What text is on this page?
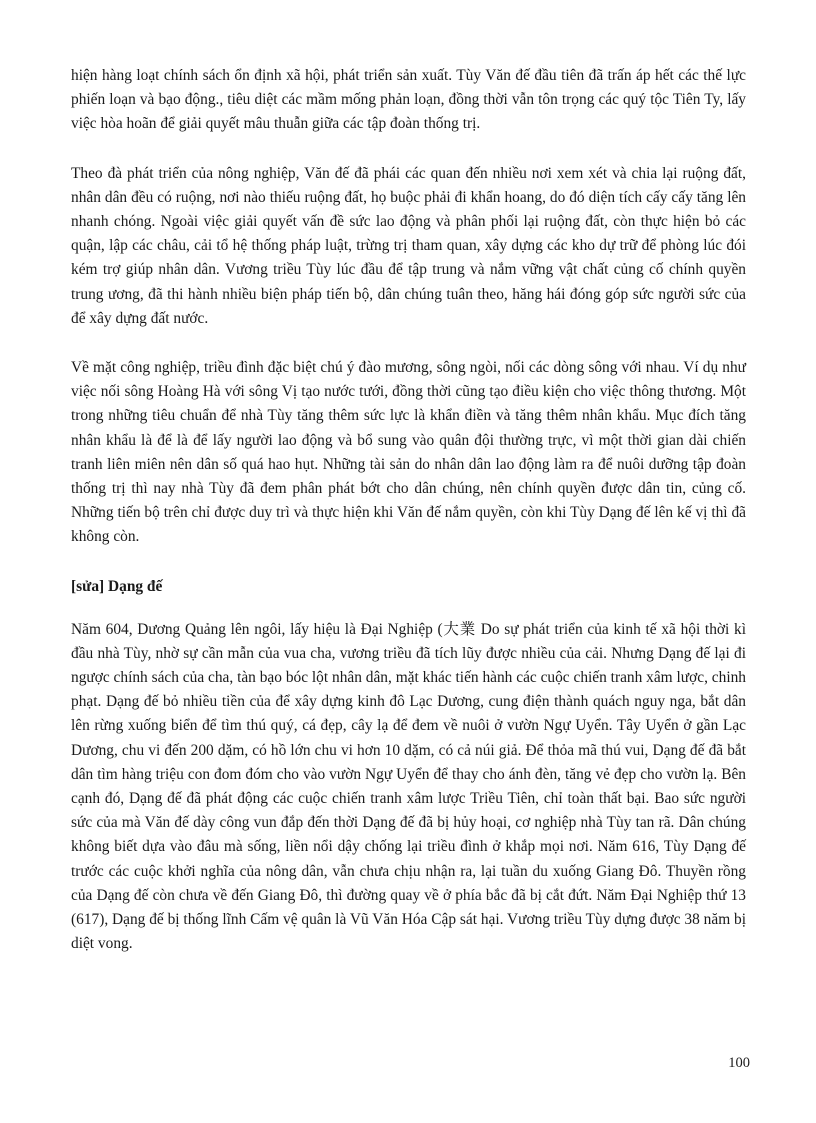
hiện hàng loạt chính sách ổn định xã hội, phát triển sản xuất. Tùy Văn đế đầu tiên đã trấn áp hết các thế lực phiến loạn và bạo động., tiêu diệt các mầm mống phản loạn, đồng thời vẫn tôn trọng các quý tộc Tiên Ty, lấy việc hòa hoãn để giải quyết mâu thuẫn giữa các tập đoàn thống trị.

Theo đà phát triển của nông nghiệp, Văn đế đã phái các quan đến nhiều nơi xem xét và chia lại ruộng đất, nhân dân đều có ruộng, nơi nào thiếu ruộng đất, họ buộc phải đi khẩn hoang, do đó diện tích cấy cấy tăng lên nhanh chóng. Ngoài việc giải quyết vấn đề sức lao động và phân phối lại ruộng đất, còn thực hiện bỏ các quận, lập các châu, cải tổ hệ thống pháp luật, trừng trị tham quan, xây dựng các kho dự trữ để phòng lúc đói kém trợ giúp nhân dân. Vương triều Tùy lúc đầu để tập trung và nắm vững vật chất củng cố chính quyền trung ương, đã thi hành nhiều biện pháp tiến bộ, dân chúng tuân theo, hăng hái đóng góp sức người sức của để xây dựng đất nước.

Về mặt công nghiệp, triều đình đặc biệt chú ý đào mương, sông ngòi, nối các dòng sông với nhau. Ví dụ như việc nối sông Hoàng Hà với sông Vị tạo nước tưới, đồng thời cũng tạo điều kiện cho việc thông thương. Một trong những tiêu chuẩn để nhà Tùy tăng thêm sức lực là khẩn điền và tăng thêm nhân khẩu. Mục đích tăng nhân khẩu là để là để lấy người lao động và bổ sung vào quân đội thường trực, vì một thời gian dài chiến tranh liên miên nên dân số quá hao hụt. Những tài sản do nhân dân lao động làm ra để nuôi dưỡng tập đoàn thống trị thì nay nhà Tùy đã đem phân phát bớt cho dân chúng, nên chính quyền được dân tin, củng cố. Những tiến bộ trên chỉ được duy trì và thực hiện khi Văn đế nắm quyền, còn khi Tùy Dạng đế lên kế vị thì đã không còn.

[sửa] Dạng đế

Năm 604, Dương Quảng lên ngôi, lấy hiệu là Đại Nghiệp (大業 Do sự phát triển của kinh tế xã hội thời kì đầu nhà Tùy, nhờ sự cần mẫn của vua cha, vương triều đã tích lũy được nhiều của cải. Nhưng Dạng đế lại đi ngược chính sách của cha, tàn bạo bóc lột nhân dân, mặt khác tiến hành các cuộc chiến tranh xâm lược, chinh phạt. Dạng đế bỏ nhiều tiền của để xây dựng kinh đô Lạc Dương, cung điện thành quách nguy nga, bắt dân lên rừng xuống biển để tìm thú quý, cá đẹp, cây lạ để đem về nuôi ở vườn Ngự Uyển. Tây Uyển ở gần Lạc Dương, chu vi đến 200 dặm, có hồ lớn chu vi hơn 10 dặm, có cả núi giả. Để thỏa mã thú vui, Dạng đế đã bắt dân tìm hàng triệu con đom đóm cho vào vườn Ngự Uyển để thay cho ánh đèn, tăng vẻ đẹp cho vườn lạ. Bên cạnh đó, Dạng đế đã phát động các cuộc chiến tranh xâm lược Triều Tiên, chỉ toàn thất bại. Bao sức người sức của mà Văn đế dày công vun đắp đến thời Dạng đế đã bị hủy hoại, cơ nghiệp nhà Tùy tan rã. Dân chúng không biết dựa vào đâu mà sống, liền nổi dậy chống lại triều đình ở khắp mọi nơi. Năm 616, Tùy Dạng đế trước các cuộc khởi nghĩa của nông dân, vẫn chưa chịu nhận ra, lại tuần du xuống Giang Đô. Thuyền rồng của Dạng đế còn chưa về đến Giang Đô, thì đường quay về ở phía bắc đã bị cắt đứt. Năm Đại Nghiệp thứ 13 (617), Dạng đế bị thống lĩnh Cấm vệ quân là Vũ Văn Hóa Cập sát hại. Vương triều Tùy dựng được 38 năm bị diệt vong.

100
